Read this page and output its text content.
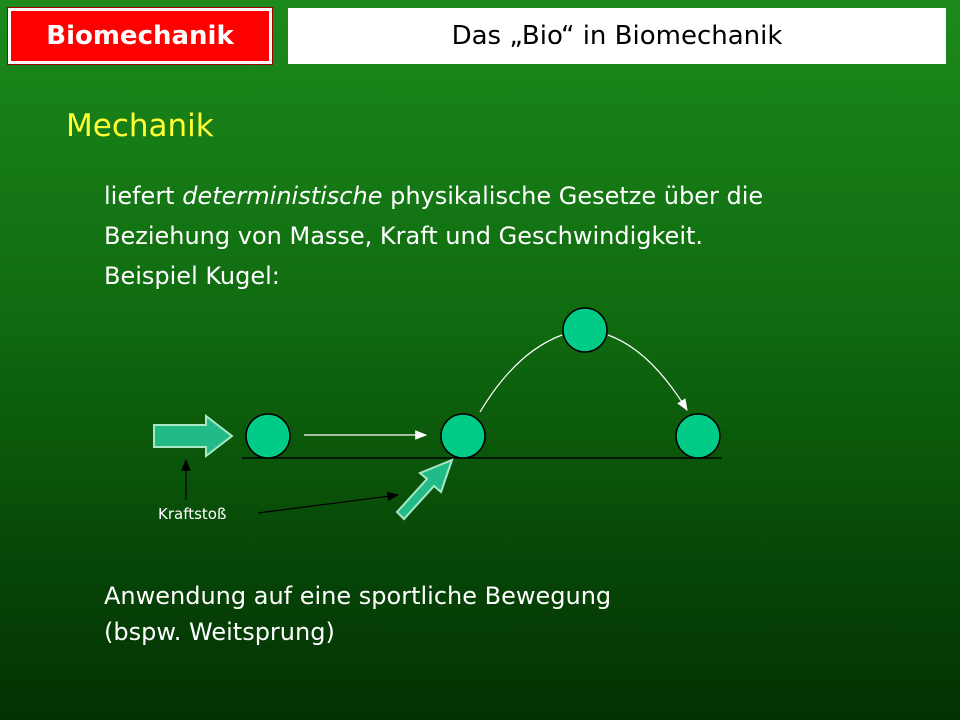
Biomechanik	Das „Bio“ in Biomechanik
Mechanik
liefert deterministische physikalische Gesetze über die
Beziehung von Masse, Kraft und Geschwindigkeit.
Beispiel Kugel:
Kraftstoß
Anwendung auf eine sportliche Bewegung
(bspw. Weitsprung)
